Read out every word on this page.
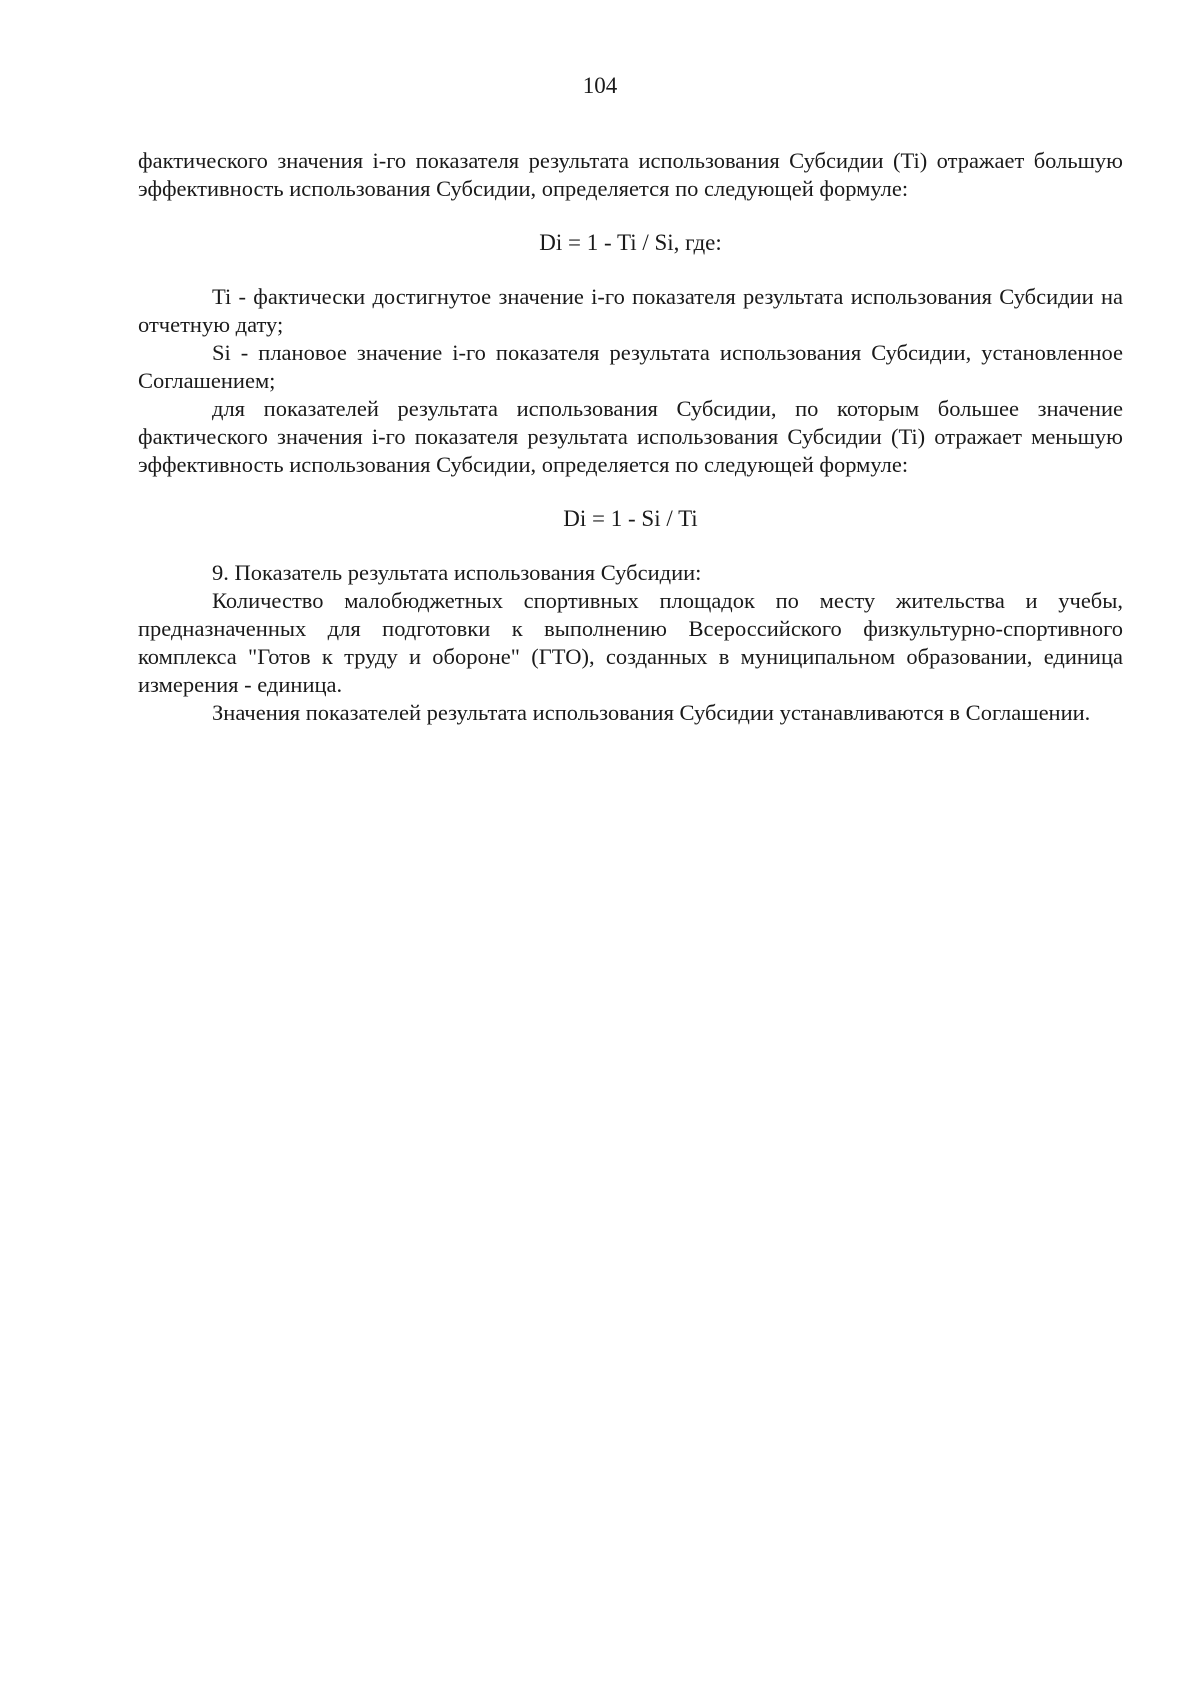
104

фактического значения i-го показателя результата использования Субсидии (Ti) отражает большую эффективность использования Субсидии, определяется по следующей формуле:

Di = 1 - Ti / Si, где:

Ti - фактически достигнутое значение i-го показателя результата использования Субсидии на отчетную дату;

Si - плановое значение i-го показателя результата использования Субсидии, установленное Соглашением;

для показателей результата использования Субсидии, по которым большее значение фактического значения i-го показателя результата использования Субсидии (Ti) отражает меньшую эффективность использования Субсидии, определяется по следующей формуле:

Di = 1 - Si / Ti

9. Показатель результата использования Субсидии:

Количество малобюджетных спортивных площадок по месту жительства и учебы, предназначенных для подготовки к выполнению Всероссийского физкультурно-спортивного комплекса "Готов к труду и обороне" (ГТО), созданных в муниципальном образовании, единица измерения - единица.

Значения показателей результата использования Субсидии устанавливаются в Соглашении.
